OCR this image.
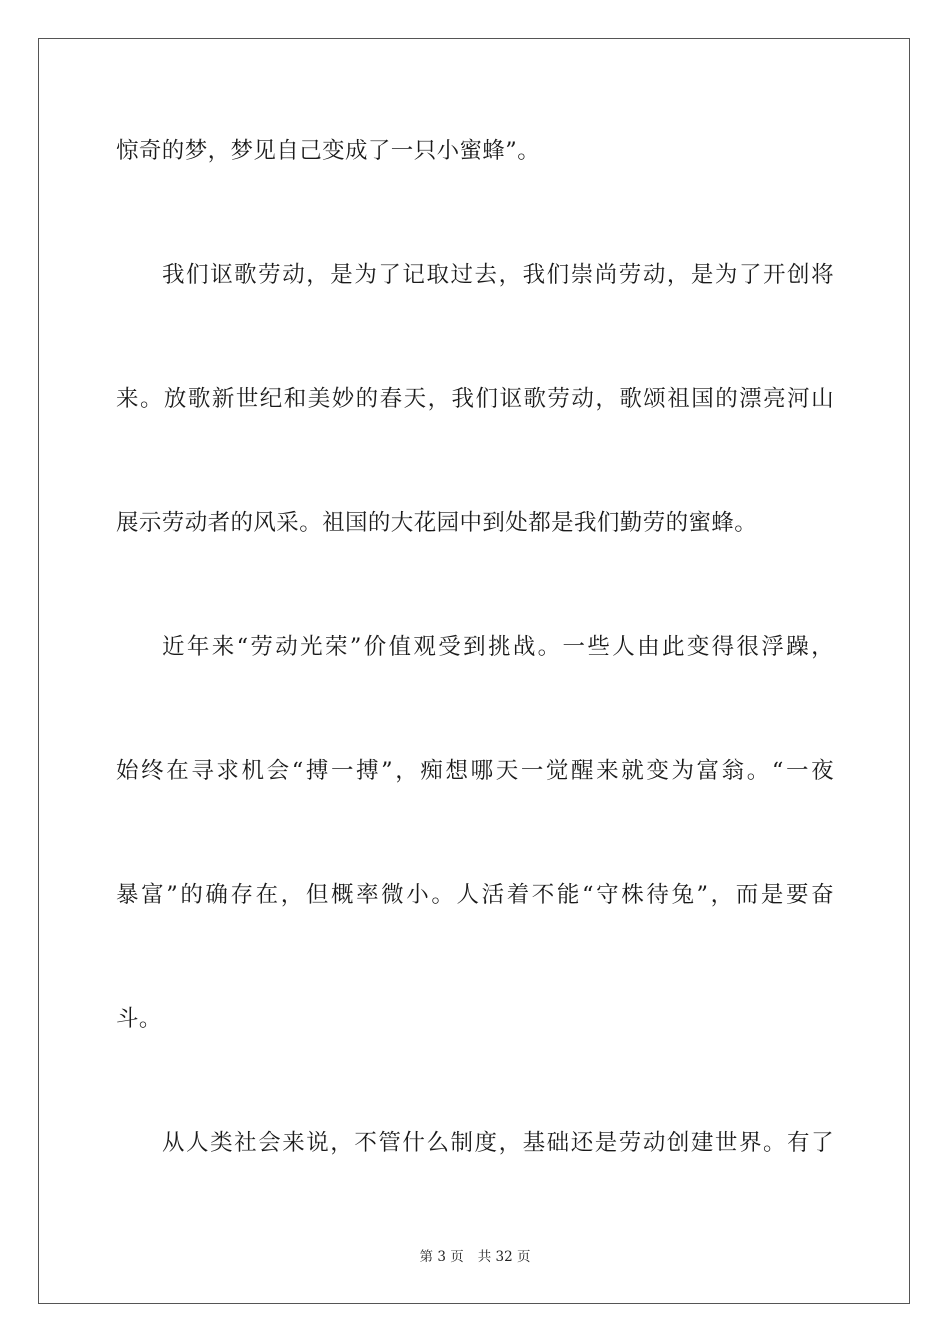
惊奇的梦，梦见自己变成了一只小蜜蜂”。
我们讴歌劳动，是为了记取过去，我们崇尚劳动，是为了开创将
来。放歌新世纪和美妙的春天，我们讴歌劳动，歌颂祖国的漂亮河山
展示劳动者的风采。祖国的大花园中到处都是我们勤劳的蜜蜂。
近年来“劳动光荣”价值观受到挑战。一些人由此变得很浮躁，
始终在寻求机会“搏一搏”，痴想哪天一觉醒来就变为富翁。“一夜
暴富”的确存在，但概率微小。人活着不能“守株待兔”，而是要奋
斗。
从人类社会来说，不管什么制度，基础还是劳动创建世界。有了
第 3 页 共 32 页
